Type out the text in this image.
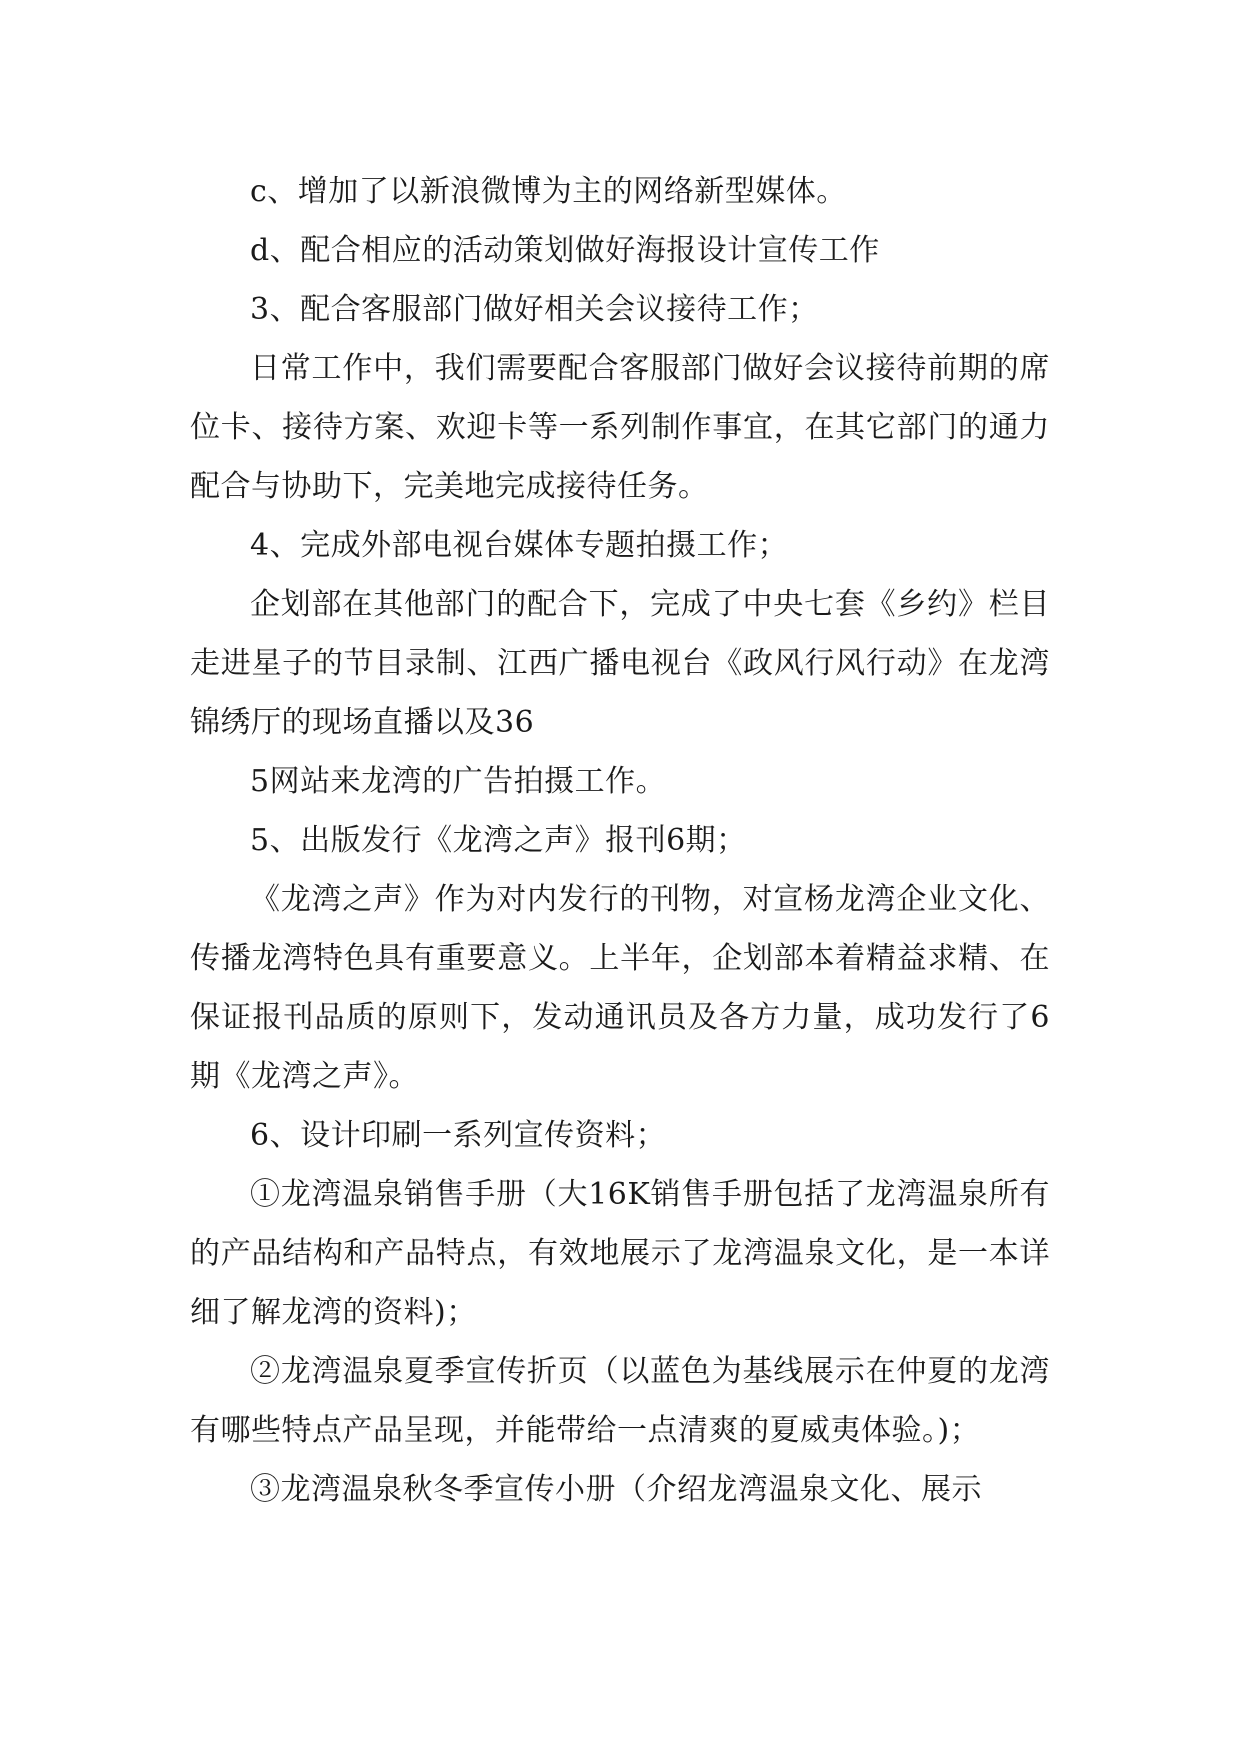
c、增加了以新浪微博为主的网络新型媒体。

d、配合相应的活动策划做好海报设计宣传工作

3、配合客服部门做好相关会议接待工作；

日常工作中，我们需要配合客服部门做好会议接待前期的席位卡、接待方案、欢迎卡等一系列制作事宜，在其它部门的通力配合与协助下，完美地完成接待任务。

4、完成外部电视台媒体专题拍摄工作；

企划部在其他部门的配合下，完成了中央七套《乡约》栏目走进星子的节目录制、江西广播电视台《政风行风行动》在龙湾锦绣厅的现场直播以及36

5网站来龙湾的广告拍摄工作。

5、出版发行《龙湾之声》报刊6期；

《龙湾之声》作为对内发行的刊物，对宣杨龙湾企业文化、传播龙湾特色具有重要意义。上半年，企划部本着精益求精、在保证报刊品质的原则下，发动通讯员及各方力量，成功发行了6期《龙湾之声》。

6、设计印刷一系列宣传资料；

①龙湾温泉销售手册（大16K销售手册包括了龙湾温泉所有的产品结构和产品特点，有效地展示了龙湾温泉文化，是一本详细了解龙湾的资料)；

②龙湾温泉夏季宣传折页（以蓝色为基线展示在仲夏的龙湾有哪些特点产品呈现，并能带给一点清爽的夏威夷体验。)；

③龙湾温泉秋冬季宣传小册（介绍龙湾温泉文化、展示
